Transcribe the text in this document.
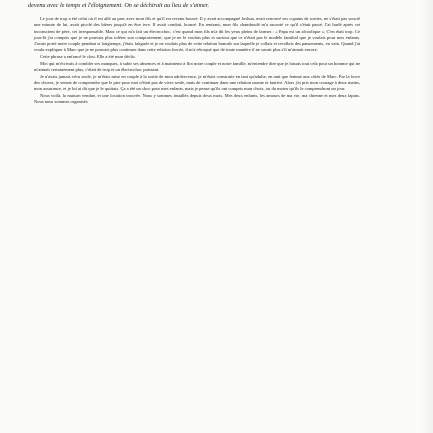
devenu avec le temps et l'éloignement. On se déchirait au lieu de s'aimer.

Le jour de trop a été celui où il est allé au parc avec mon fils et qu'il est revenu bourré. Il y avait accompagné Joshua, avait retrouvé ses copains de sorties, ne s'était pas soucié une minute de lui, avait picolé des bières jusqu'à en être ivre. Il avait conduit, bourré. En rentrant, mon fils chamboulé m'a raconté ce qu'il s'était passé. J'ai hurlé après cet inconscient de père, cet irresponsable. Mais ce qui m'a fait un électrochoc, c'est quand mon fils m'a dit les yeux pleins de larmes : « Papa est un alcoolique ». C'en était trop. Ce jour-là j'ai compris que je ne pouvais plus tolérer son comportement, que je ne le voulais plus et surtout que ce n'était pas le modèle familial que je voulais pour mes enfants. J'avais porté notre couple pendant si longtemps, j'étais fatiguée et je ne voulais plus de cette relation bancale sur laquelle je collais et recollais des pansements, en vain. Quand j'ai voulu expliquer à Marc que je ne pouvais plus continuer dans cette relation forcée, il m'a rétorqué que de toute manière il ne savait plus s'il m'aimait encore.

Cette phrase a enfoncé le clou. Elle a été mon déclic.

Moi qui m'écrivais à combler ses manques, à subir ses absences et à maintenir à flot notre couple et notre famille, m'entendre dire que je faisais tout cela pour un homme qui ne m'aimait certainement plus, c'était de trop et un électrochoc puissant.

Je n'avais jamais vécu seule, je m'étais mise en couple à la sortie de mon adolescence, je m'étais construite en tant qu'adulte, en tant que femme aux côtés de Marc. Par la force des choses, je venais de comprendre que le pire pour moi n'était pas de vivre seule, mais de continuer dans une relation usante et fautive. Alors j'ai pris mon courage à deux mains, mon assurance, et je lui ai dit que je le quittais. Ça a été un choc pour mes enfants, mais je pense qu'ils ont compris mon choix, ou du moins qu'ils le comprendront un jour.

Nous voilà, la maison vendue, et une location trouvée. Nous y sommes installés depuis deux mois. Mes deux enfants, les amours de ma vie, ma chienne et mes deux lapins. Nous nous sommes organisés
